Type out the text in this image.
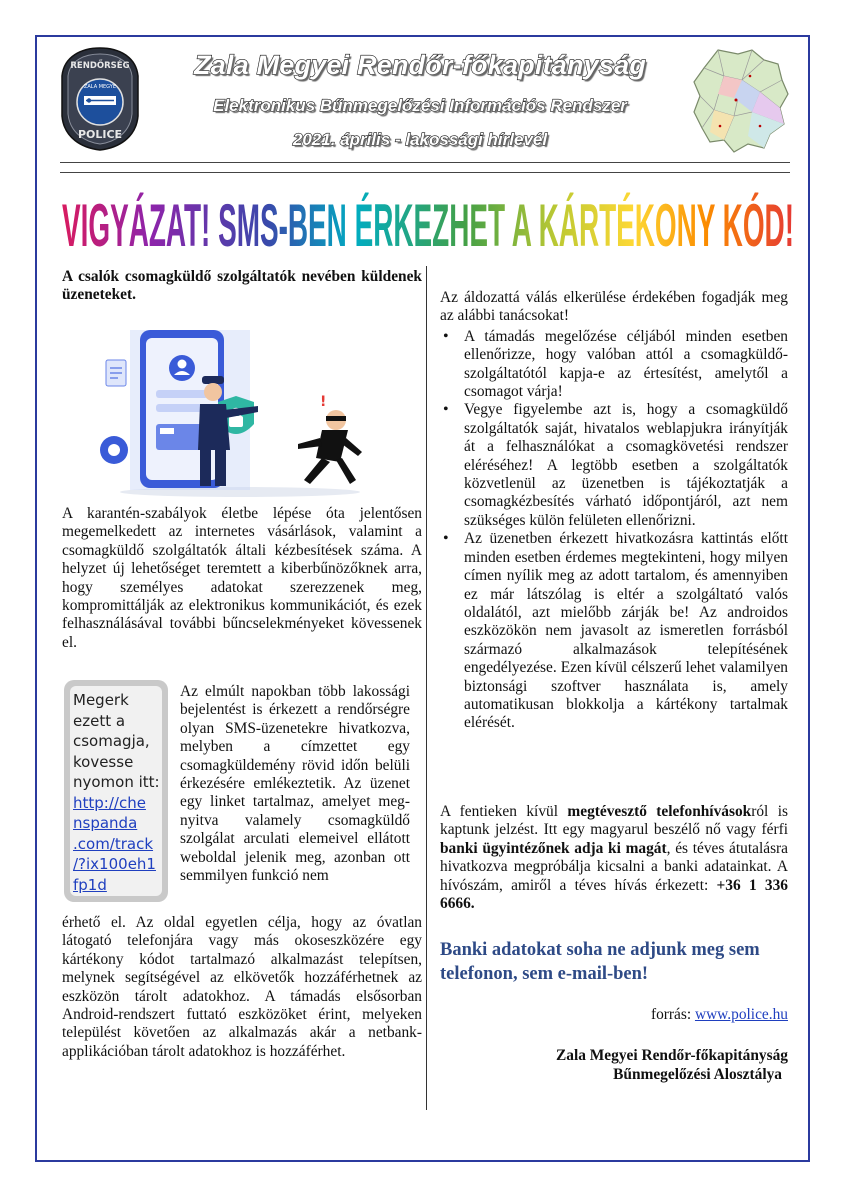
RENDŐRSÉG
ZALA MEGYE
POLICE
Zala Megyei Rendőr-főkapitányság
Elektronikus Bűnmegelőzési Információs Rendszer
2021. április - lakossági hírlevél
VIGYÁZAT! SMS-BEN ÉRKEZHET A KÁRTÉKONY KÓD!

A csalók csomagküldő szolgáltatók nevében küldenek üzeneteket.

!

A karantén-szabályok életbe lépése óta jelentősen megemelkedett az internetes vásárlások, valamint a csomagküldő szolgáltatók általi kézbesítések száma. A helyzet új lehetőséget teremtett a kiberbűnözőknek arra, hogy személyes adatokat szerezzenek meg, kompromittálják az elektronikus kommunikációt, és ezek felhasználásával további bűncselekményeket kövessenek el.

Megerk
ezett a
csomagja,
kovesse
nyomon itt:
http://che
nspanda
.com/track
/?ix100eh1
fp1d

Az elmúlt napokban több lakossági bejelentést is érkezett a rendőrségre olyan SMS-üzenetekre hivatkozva, melyben a címzettet egy csomagküldemény rövid időn belüli érkezésére emlékeztetik. Az üzenet egy linket tartalmaz, amelyet megnyitva valamely csomagküldő szolgálat arculati elemeivel ellátott weboldal jelenik meg, azonban ott semmilyen funkció nem

érhető el. Az oldal egyetlen célja, hogy az óvatlan látogató telefonjára vagy más okoseszközére egy kártékony kódot tartalmazó alkalmazást telepítsen, melynek segítségével az elkövetők hozzáférhetnek az eszközön tárolt adatokhoz. A támadás elsősorban Android-rendszert futtató eszközöket érint, melyeken települést követően az alkalmazás akár a netbank-applikációban tárolt adatokhoz is hozzáférhet.

Az áldozattá válás elkerülése érdekében fogadják meg az alábbi tanácsokat!

• A támadás megelőzése céljából minden esetben ellenőrizze, hogy valóban attól a csomagküldő-szolgáltatótól kapja-e az értesítést, amelytől a csomagot várja!
• Vegye figyelembe azt is, hogy a csomagküldő szolgáltatók saját, hivatalos weblapjukra irányítják át a felhasználókat a csomagkövetési rendszer eléréséhez! A legtöbb esetben a szolgáltatók közvetlenül az üzenetben is tájékoztatják a csomagkézbesítés várható időpontjáról, azt nem szükséges külön felületen ellenőrizni.
• Az üzenetben érkezett hivatkozásra kattintás előtt minden esetben érdemes megtekinteni, hogy milyen címen nyílik meg az adott tartalom, és amennyiben ez már látszólag is eltér a szolgáltató valós oldalától, azt mielőbb zárják be! Az androidos eszközökön nem javasolt az ismeretlen forrásból származó alkalmazások telepítésének engedélyezése. Ezen kívül célszerű lehet valamilyen biztonsági szoftver használata is, amely automatikusan blokkolja a kártékony tartalmak elérését.

A fentieken kívül megtévesztő telefonhívásokról is kaptunk jelzést. Itt egy magyarul beszélő nő vagy férfi banki ügyintézőnek adja ki magát, és téves átutalásra hivatkozva megpróbálja kicsalni a banki adatainkat. A hívószám, amiről a téves hívás érkezett: +36 1 336 6666.

Banki adatokat soha ne adjunk meg sem telefonon, sem e-mail-ben!
forrás: www.police.hu
Zala Megyei Rendőr-főkapitányság
Bűnmegelőzési Alosztálya
